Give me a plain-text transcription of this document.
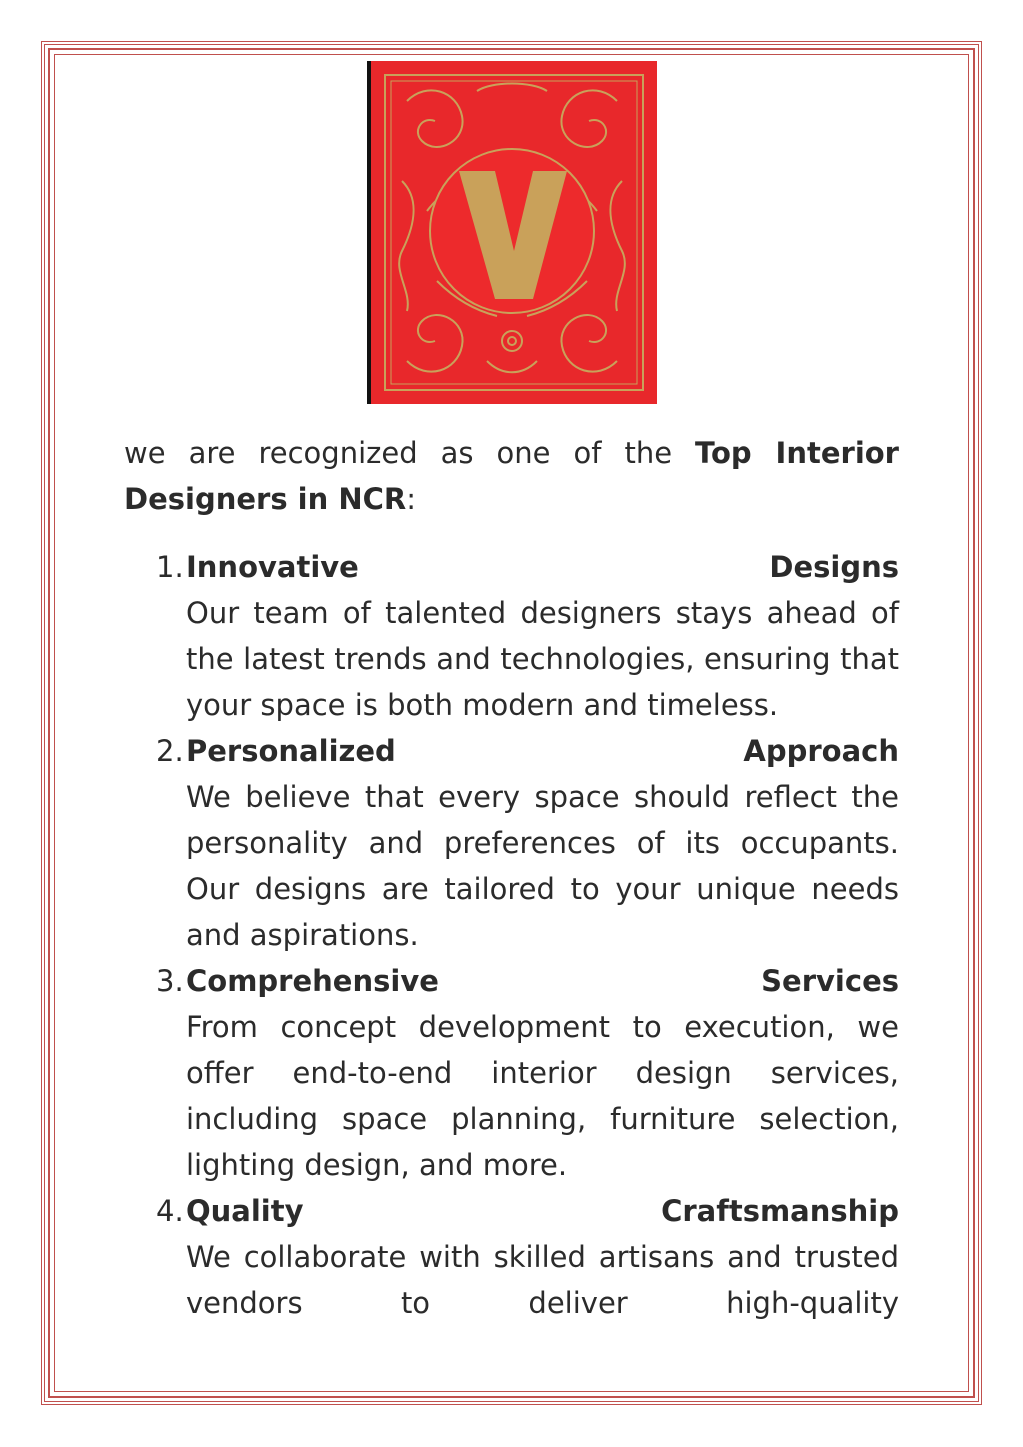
we are recognized as one of the Top Interior Designers in NCR:

1. Innovative	Designs
Our team of talented designers stays ahead of the latest trends and technologies, ensuring that your space is both modern and timeless.
2. Personalized	Approach
We believe that every space should reflect the personality and preferences of its occupants. Our designs are tailored to your unique needs and aspirations.
3. Comprehensive	Services
From concept development to execution, we offer end-to-end interior design services, including space planning, furniture selection, lighting design, and more.
4. Quality	Craftsmanship
We collaborate with skilled artisans and trusted vendors to deliver high-quality
